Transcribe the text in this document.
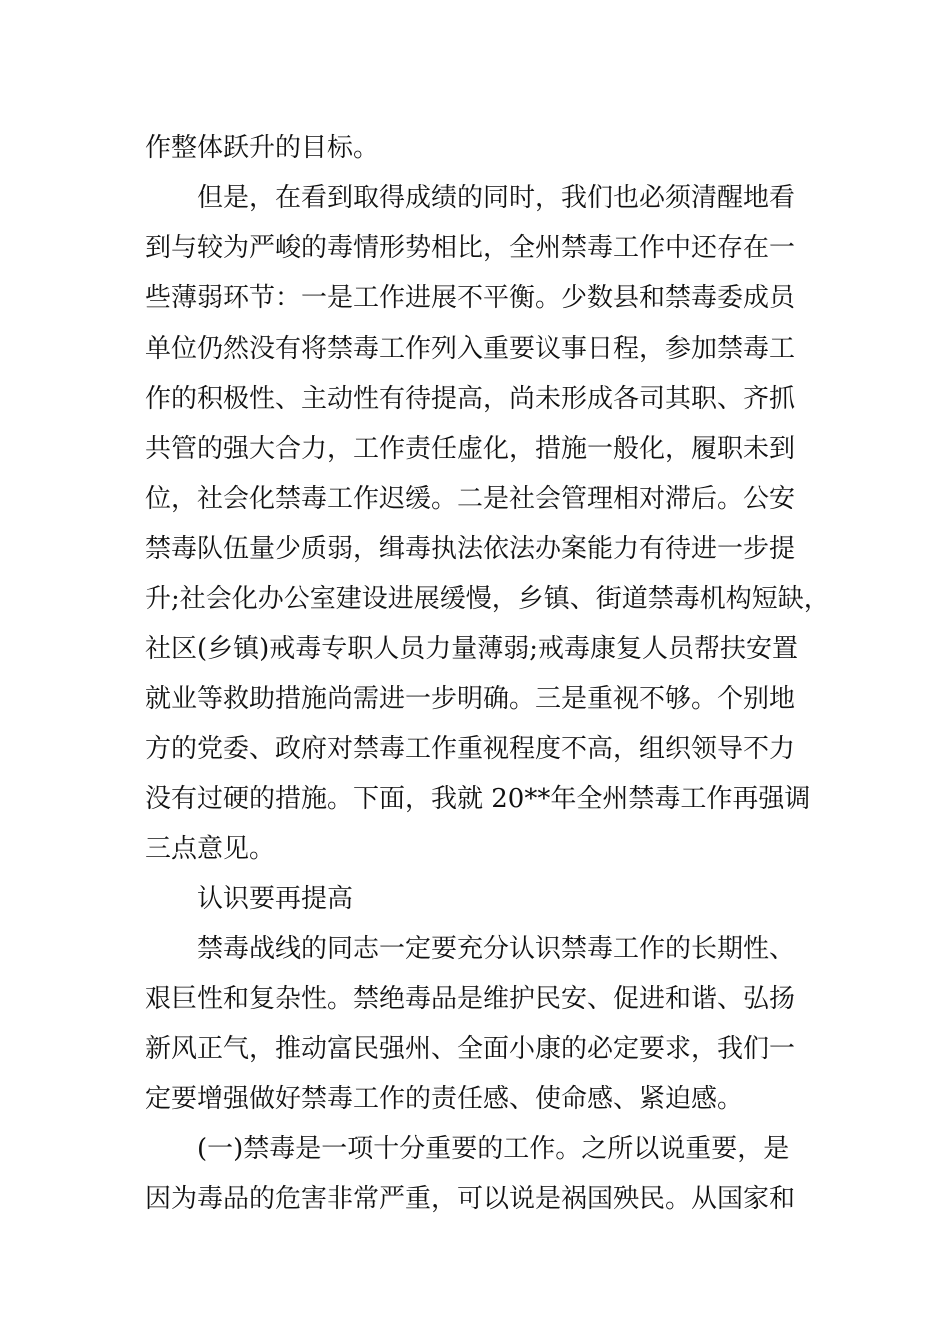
作整体跃升的目标。

但是，在看到取得成绩的同时，我们也必须清醒地看

到与较为严峻的毒情形势相比，全州禁毒工作中还存在一

些薄弱环节：一是工作进展不平衡。少数县和禁毒委成员

单位仍然没有将禁毒工作列入重要议事日程，参加禁毒工

作的积极性、主动性有待提高，尚未形成各司其职、齐抓

共管的强大合力，工作责任虚化，措施一般化，履职未到

位，社会化禁毒工作迟缓。二是社会管理相对滞后。公安

禁毒队伍量少质弱，缉毒执法依法办案能力有待进一步提

升;社会化办公室建设进展缓慢，乡镇、街道禁毒机构短缺，

社区(乡镇)戒毒专职人员力量薄弱;戒毒康复人员帮扶安置

就业等救助措施尚需进一步明确。三是重视不够。个别地

方的党委、政府对禁毒工作重视程度不高，组织领导不力

没有过硬的措施。下面，我就 20**年全州禁毒工作再强调

三点意见。

认识要再提高

禁毒战线的同志一定要充分认识禁毒工作的长期性、

艰巨性和复杂性。禁绝毒品是维护民安、促进和谐、弘扬

新风正气，推动富民强州、全面小康的必定要求，我们一

定要增强做好禁毒工作的责任感、使命感、紧迫感。

(一)禁毒是一项十分重要的工作。之所以说重要，是

因为毒品的危害非常严重，可以说是祸国殃民。从国家和
